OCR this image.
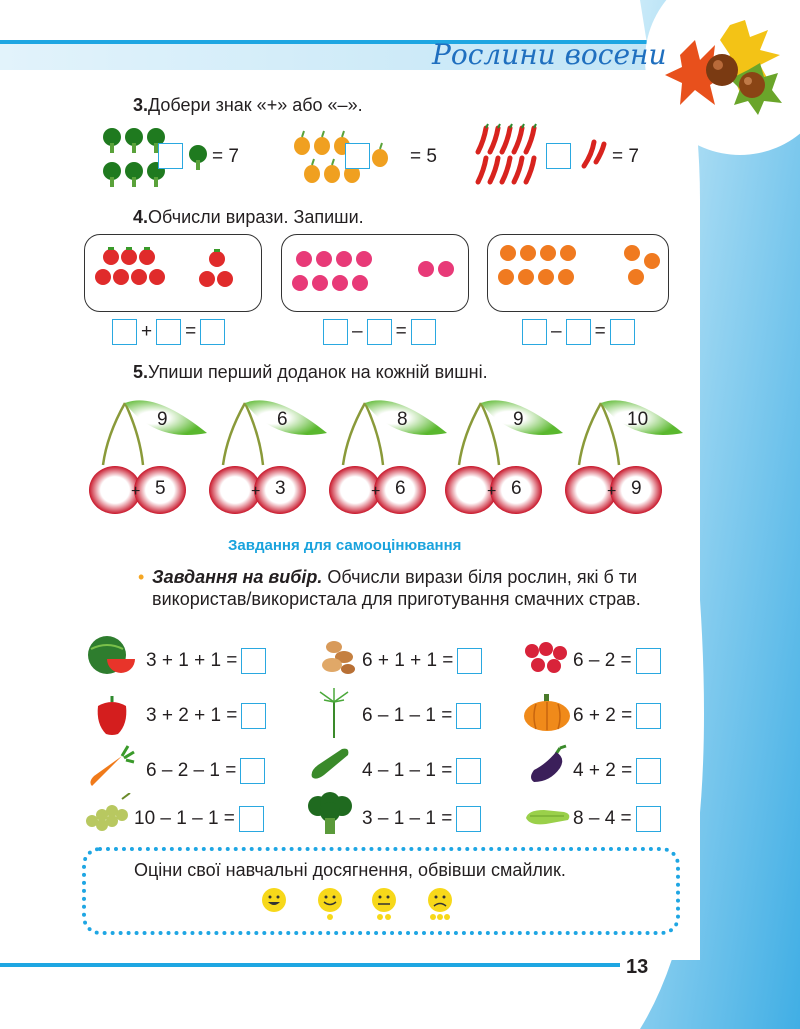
Рослини восени
3.Добери знак «+» або «–».
= 7	= 5	= 7
4.Обчисли вирази. Запиши.
+ =	– =	– =
5.Упиши перший доданок на кожній вишні.
9	6	8	9	10
+	+	+	+	+
5	3	6	6	9
Завдання для самооцінювання
• Завдання на вибір. Обчисли вирази біля рослин, які б ти використав/використала для приготування смачних страв.
3 + 1 + 1 =	6 + 1 + 1 =	6 – 2 =
3 + 2 + 1 =	6 – 1 – 1 =	6 + 2 =
6 – 2 – 1 =	4 – 1 – 1 =	4 + 2 =
10 – 1 – 1 =	3 – 1 – 1 =	8 – 4 =
Оціни свої навчальні досягнення, обвівши смайлик.
13
